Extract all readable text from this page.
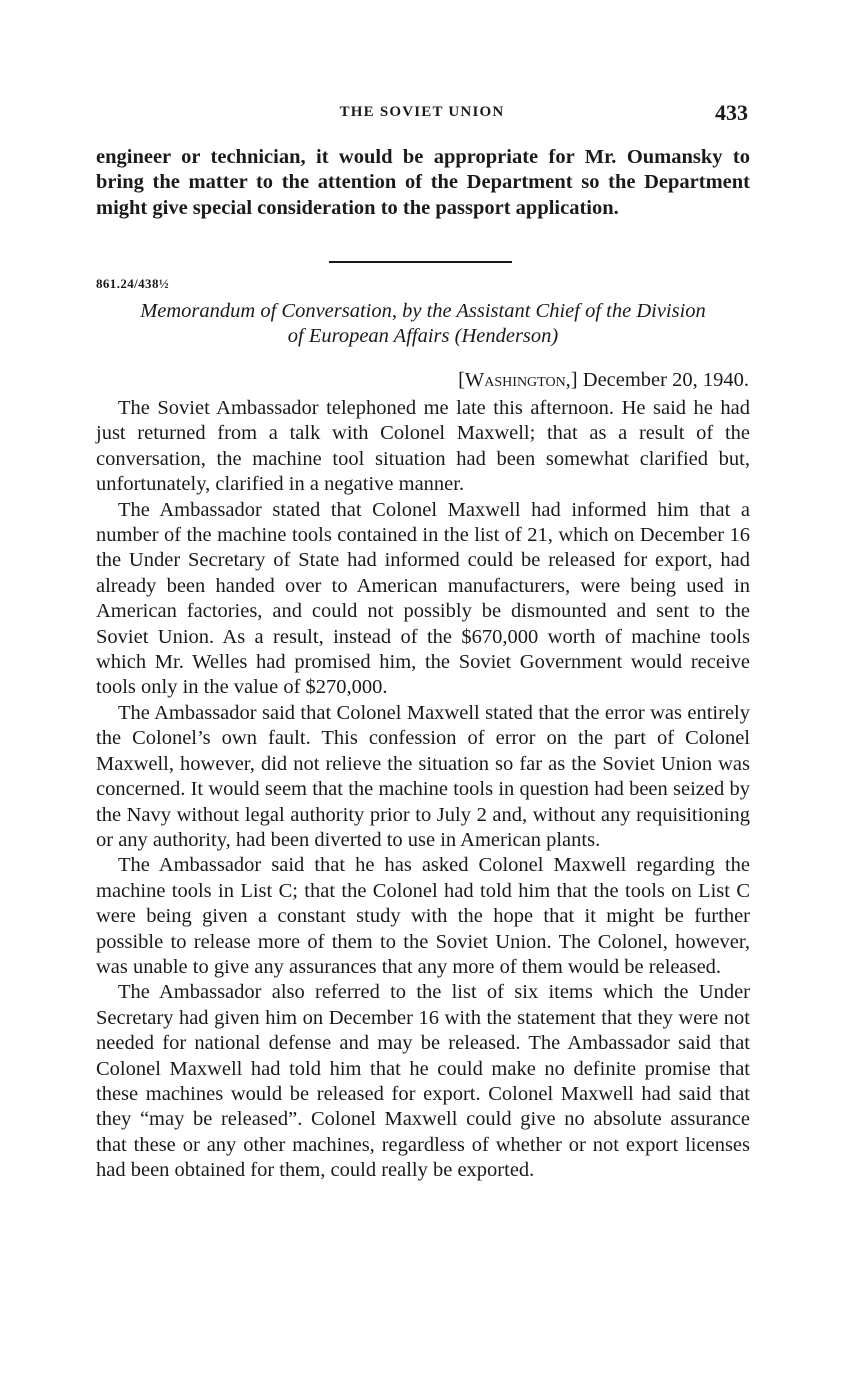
THE SOVIET UNION	433
engineer or technician, it would be appropriate for Mr. Oumansky to bring the matter to the attention of the Department so the Department might give special consideration to the passport application.
861.24/438½
Memorandum of Conversation, by the Assistant Chief of the Division
of European Affairs (Henderson)
[Washington,] December 20, 1940.

The Soviet Ambassador telephoned me late this afternoon. He said he had just returned from a talk with Colonel Maxwell; that as a result of the conversation, the machine tool situation had been somewhat clarified but, unfortunately, clarified in a negative manner.

The Ambassador stated that Colonel Maxwell had informed him that a number of the machine tools contained in the list of 21, which on December 16 the Under Secretary of State had informed could be released for export, had already been handed over to American manufacturers, were being used in American factories, and could not possibly be dismounted and sent to the Soviet Union. As a result, instead of the $670,000 worth of machine tools which Mr. Welles had promised him, the Soviet Government would receive tools only in the value of $270,000.

The Ambassador said that Colonel Maxwell stated that the error was entirely the Colonel’s own fault. This confession of error on the part of Colonel Maxwell, however, did not relieve the situation so far as the Soviet Union was concerned. It would seem that the machine tools in question had been seized by the Navy without legal authority prior to July 2 and, without any requisitioning or any authority, had been diverted to use in American plants.

The Ambassador said that he has asked Colonel Maxwell regarding the machine tools in List C; that the Colonel had told him that the tools on List C were being given a constant study with the hope that it might be further possible to release more of them to the Soviet Union. The Colonel, however, was unable to give any assurances that any more of them would be released.

The Ambassador also referred to the list of six items which the Under Secretary had given him on December 16 with the statement that they were not needed for national defense and may be released. The Ambassador said that Colonel Maxwell had told him that he could make no definite promise that these machines would be released for export. Colonel Maxwell had said that they “may be released”. Colonel Maxwell could give no absolute assurance that these or any other machines, regardless of whether or not export licenses had been obtained for them, could really be exported.
